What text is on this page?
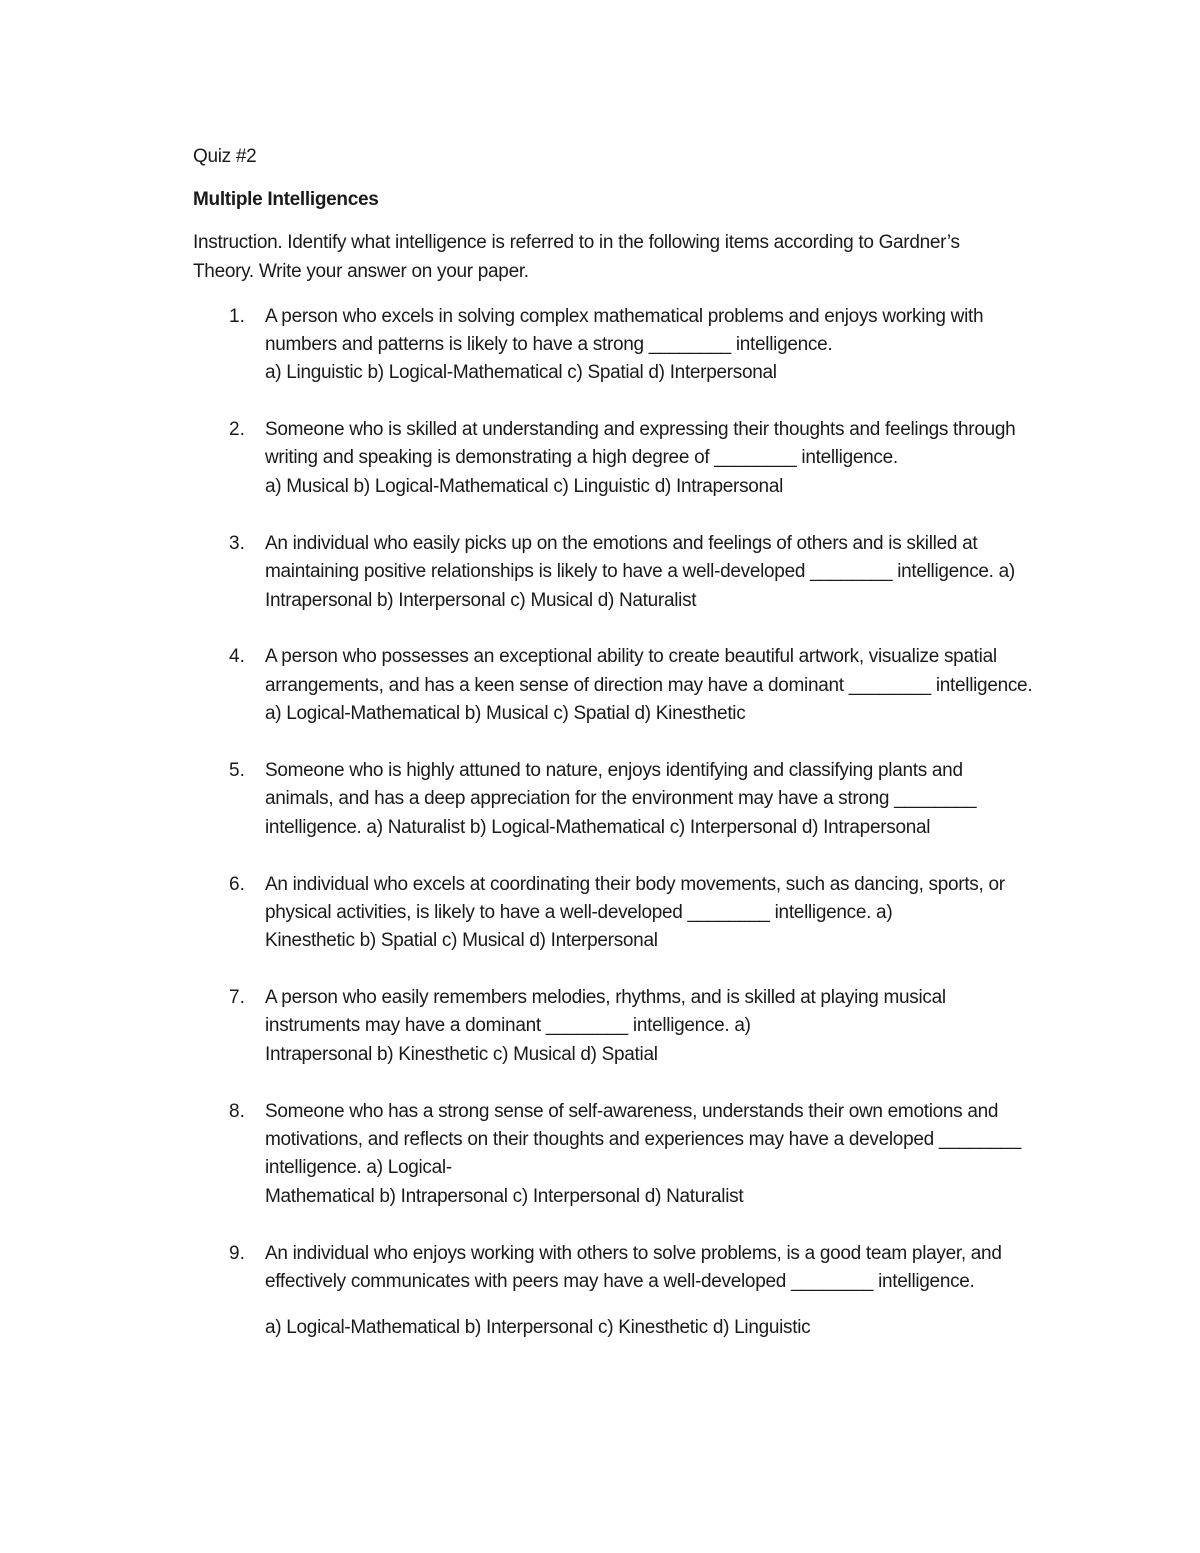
Quiz #2
Multiple Intelligences
Instruction. Identify what intelligence is referred to in the following items according to Gardner’s
Theory. Write your answer on your paper.
1. A person who excels in solving complex mathematical problems and enjoys working with
numbers and patterns is likely to have a strong ________ intelligence.
a) Linguistic b) Logical-Mathematical c) Spatial d) Interpersonal
2. Someone who is skilled at understanding and expressing their thoughts and feelings through
writing and speaking is demonstrating a high degree of ________ intelligence.
a) Musical b) Logical-Mathematical c) Linguistic d) Intrapersonal
3. An individual who easily picks up on the emotions and feelings of others and is skilled at
maintaining positive relationships is likely to have a well-developed ________ intelligence. a)
Intrapersonal b) Interpersonal c) Musical d) Naturalist
4. A person who possesses an exceptional ability to create beautiful artwork, visualize spatial
arrangements, and has a keen sense of direction may have a dominant ________ intelligence.
a) Logical-Mathematical b) Musical c) Spatial d) Kinesthetic
5. Someone who is highly attuned to nature, enjoys identifying and classifying plants and
animals, and has a deep appreciation for the environment may have a strong ________
intelligence. a) Naturalist b) Logical-Mathematical c) Interpersonal d) Intrapersonal
6. An individual who excels at coordinating their body movements, such as dancing, sports, or
physical activities, is likely to have a well-developed ________ intelligence. a)
Kinesthetic b) Spatial c) Musical d) Interpersonal
7. A person who easily remembers melodies, rhythms, and is skilled at playing musical
instruments may have a dominant ________ intelligence. a)
Intrapersonal b) Kinesthetic c) Musical d) Spatial
8. Someone who has a strong sense of self-awareness, understands their own emotions and
motivations, and reflects on their thoughts and experiences may have a developed ________
intelligence. a) Logical-
Mathematical b) Intrapersonal c) Interpersonal d) Naturalist
9. An individual who enjoys working with others to solve problems, is a good team player, and
effectively communicates with peers may have a well-developed ________ intelligence.
a) Logical-Mathematical b) Interpersonal c) Kinesthetic d) Linguistic
